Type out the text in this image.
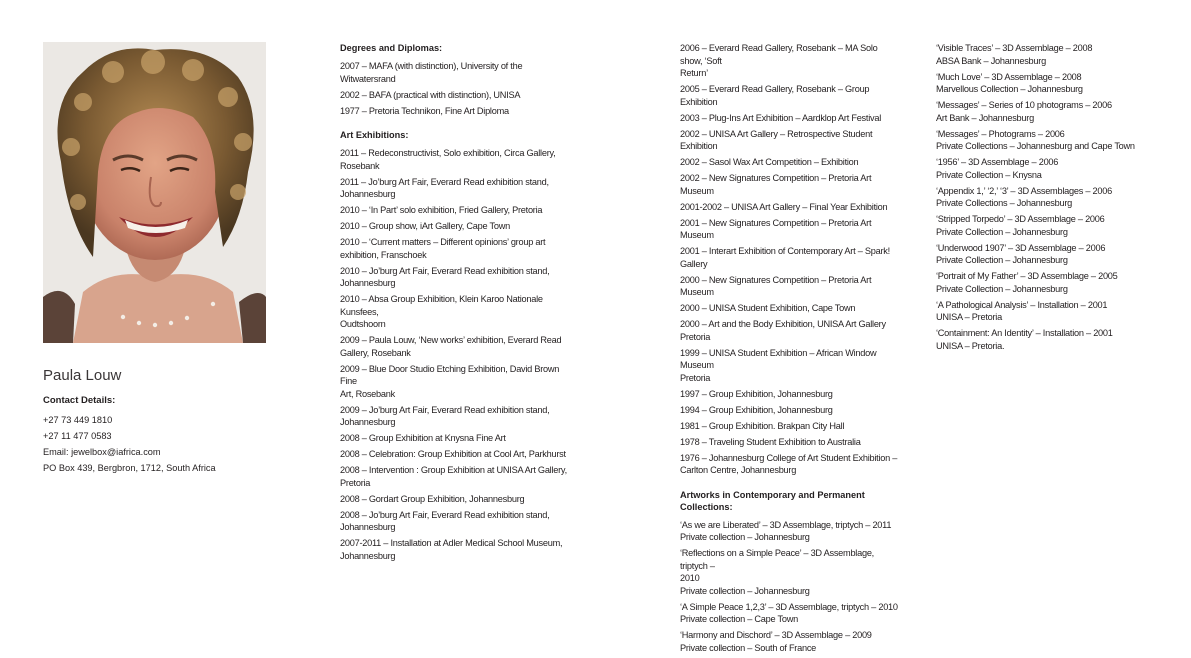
Paula Louw
Contact Details:
+27 73 449 1810
+27 11 477 0583
Email: jewelbox@iafrica.com
PO Box 439, Bergbron, 1712, South Africa
Degrees and Diplomas:
2007 – MAFA (with distinction), University of the
Witwatersrand
2002 – BAFA (practical with distinction), UNISA
1977 – Pretoria Technikon, Fine Art Diploma
Art Exhibitions:
2011 – Redeconstructivist, Solo exhibition, Circa Gallery,
Rosebank
2011 – Jo’burg Art Fair, Everard Read exhibition stand,
Johannesburg
2010 – ‘In Part’ solo exhibition, Fried Gallery, Pretoria
2010 – Group show, iArt Gallery, Cape Town
2010 – ‘Current matters – Different opinions’ group art
exhibition, Franschoek
2010 – Jo’burg Art Fair, Everard Read exhibition stand,
Johannesburg
2010 – Absa Group Exhibition, Klein Karoo Nationale Kunsfees,
Oudtshoorn
2009 – Paula Louw, ‘New works’ exhibition, Everard Read
Gallery, Rosebank
2009 – Blue Door Studio Etching Exhibition, David Brown Fine
Art, Rosebank
2009 – Jo’burg Art Fair, Everard Read exhibition stand,
Johannesburg
2008 – Group Exhibition at Knysna Fine Art
2008 – Celebration: Group Exhibition at Cool Art, Parkhurst
2008 – Intervention : Group Exhibition at UNISA Art Gallery,
Pretoria
2008 – Gordart Group Exhibition, Johannesburg
2008 – Jo’burg Art Fair, Everard Read exhibition stand,
Johannesburg
2007-2011 – Installation at Adler Medical School Museum,
Johannesburg
2006 – Everard Read Gallery, Rosebank – MA Solo show, ‘Soft
Return’
2005 – Everard Read Gallery, Rosebank – Group Exhibition
2003 – Plug-Ins Art Exhibition – Aardklop Art Festival
2002 – UNISA Art Gallery – Retrospective Student Exhibition
2002 – Sasol Wax Art Competition – Exhibition
2002 – New Signatures Competition – Pretoria Art Museum
2001-2002 – UNISA Art Gallery – Final Year Exhibition
2001 – New Signatures Competition – Pretoria Art Museum
2001 – Interart Exhibition of Contemporary Art – Spark!
Gallery
2000 – New Signatures Competition – Pretoria Art Museum
2000 – UNISA Student Exhibition, Cape Town
2000 – Art and the Body Exhibition, UNISA Art Gallery Pretoria
1999 – UNISA Student Exhibition – African Window Museum
Pretoria
1997 – Group Exhibition, Johannesburg
1994 – Group Exhibition, Johannesburg
1981 – Group Exhibition. Brakpan City Hall
1978 – Traveling Student Exhibition to Australia
1976 – Johannesburg College of Art Student Exhibition –
Carlton Centre, Johannesburg
Artworks in Contemporary and Permanent
Collections:
‘As we are Liberated’ – 3D Assemblage, triptych – 2011
Private collection – Johannesburg
‘Reflections on a Simple Peace’ – 3D Assemblage, triptych –
2010
Private collection – Johannesburg
‘A Simple Peace 1,2,3’ – 3D Assemblage, triptych – 2010
Private collection – Cape Town
‘Harmony and Dischord’ – 3D Assemblage – 2009
Private collection – South of France
‘Visible Traces’ – 3D Assemblage – 2008
ABSA Bank – Johannesburg
‘Much Love’ – 3D Assemblage – 2008
Marvellous Collection – Johannesburg
‘Messages’ – Series of 10 photograms – 2006
Art Bank – Johannesburg
‘Messages’ – Photograms – 2006
Private Collections – Johannesburg and Cape Town
‘1956’ – 3D Assemblage – 2006
Private Collection – Knysna
‘Appendix 1,’ ‘2,’ ‘3’ – 3D Assemblages – 2006
Private Collections – Johannesburg
‘Stripped Torpedo’ – 3D Assemblage – 2006
Private Collection – Johannesburg
‘Underwood 1907’ – 3D Assemblage – 2006
Private Collection – Johannesburg
‘Portrait of My Father’ – 3D Assemblage – 2005
Private Collection – Johannesburg
‘A Pathological Analysis’ – Installation – 2001
UNISA – Pretoria
‘Containment: An Identity’ – Installation – 2001
UNISA – Pretoria.
